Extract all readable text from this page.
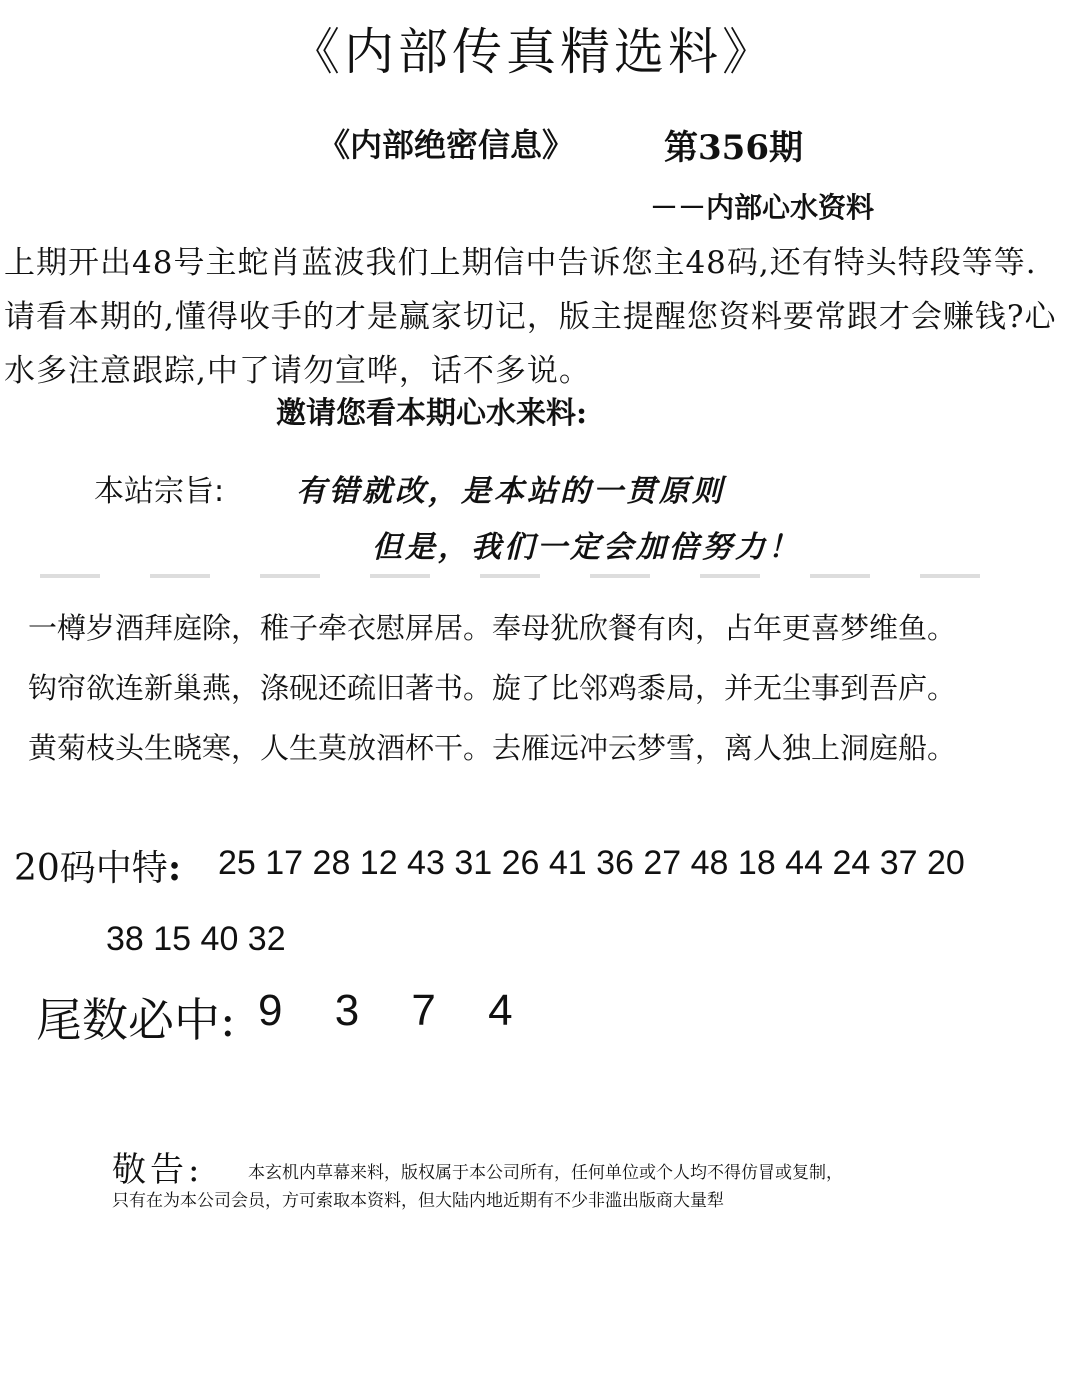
《内部传真精选料》
《内部绝密信息》	第356期
－－内部心水资料
上期开出48号主蛇肖蓝波我们上期信中告诉您主48码,还有特头特段等等.请看本期的,懂得收手的才是赢家切记，版主提醒您资料要常跟才会赚钱?心水多注意跟踪,中了请勿宣哗，话不多说。
邀请您看本期心水来料:
本站宗旨: 有错就改，是本站的一贯原则
但是，我们一定会加倍努力！
一樽岁酒拜庭除，稚子牵衣慰屏居。奉母犹欣餐有肉，占年更喜梦维鱼。
钩帘欲连新巢燕，涤砚还疏旧著书。旋了比邻鸡黍局，并无尘事到吾庐。
黄菊枝头生晓寒，人生莫放酒杯干。去雁远冲云梦雪，离人独上洞庭船。
20码中特: 25 17 28 12 43 31 26 41 36 27 48 18 44 24 37 20
38 15 40 32
尾数必中: 9 3 7 4
敬告:	本玄机内草幕来料，版权属于本公司所有，任何单位或个人均不得仿冒或复制，
只有在为本公司会员，方可索取本资料，但大陆内地近期有不少非滥出版商大量犁
